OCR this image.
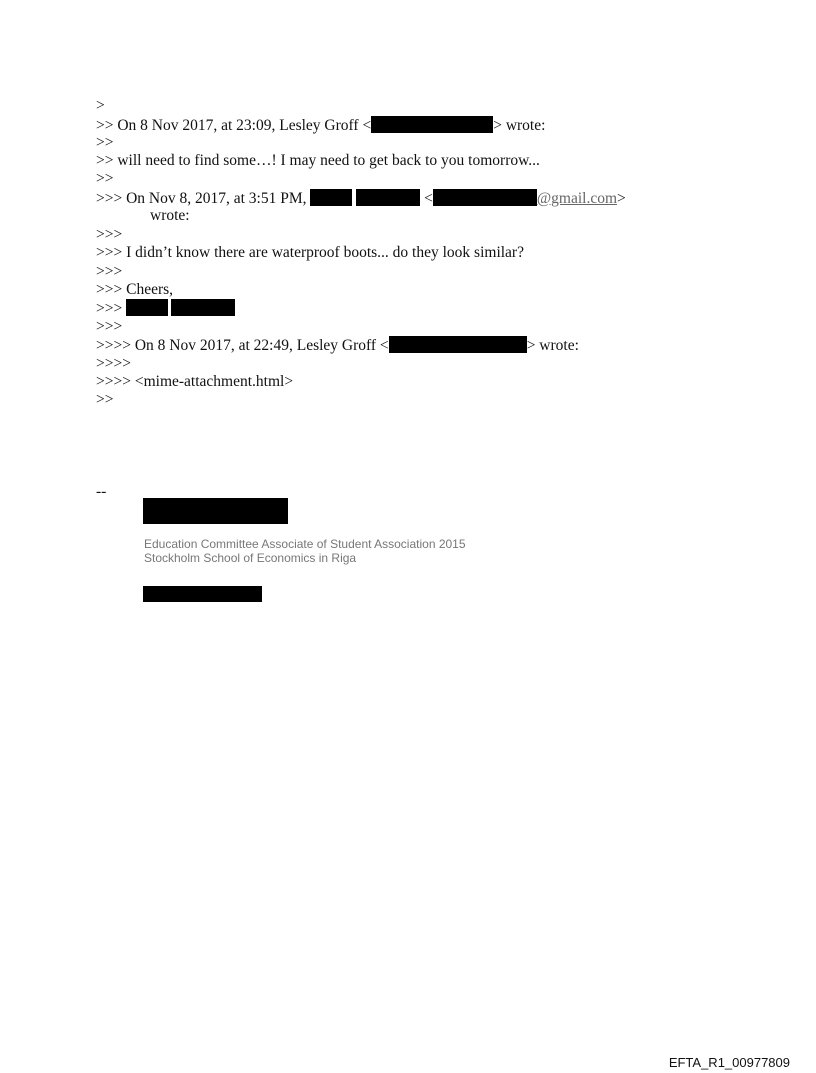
>
>> On 8 Nov 2017, at 23:09, Lesley Groff <	> wrote:
>>
>> will need to find some…! I may need to get back to you tomorrow...
>>
>>> On Nov 8, 2017, at 3:51 PM,	<	@gmail.com>
wrote:
>>>
>>> I didn’t know there are waterproof boots... do they look similar?
>>>
>>> Cheers,
>>>
>>>
>>>> On 8 Nov 2017, at 22:49, Lesley Groff <	> wrote:
>>>>
>>>> <mime-attachment.html>
>>
--
Education Committee Associate of Student Association 2015
Stockholm School of Economics in Riga
EFTA_R1_00977809
